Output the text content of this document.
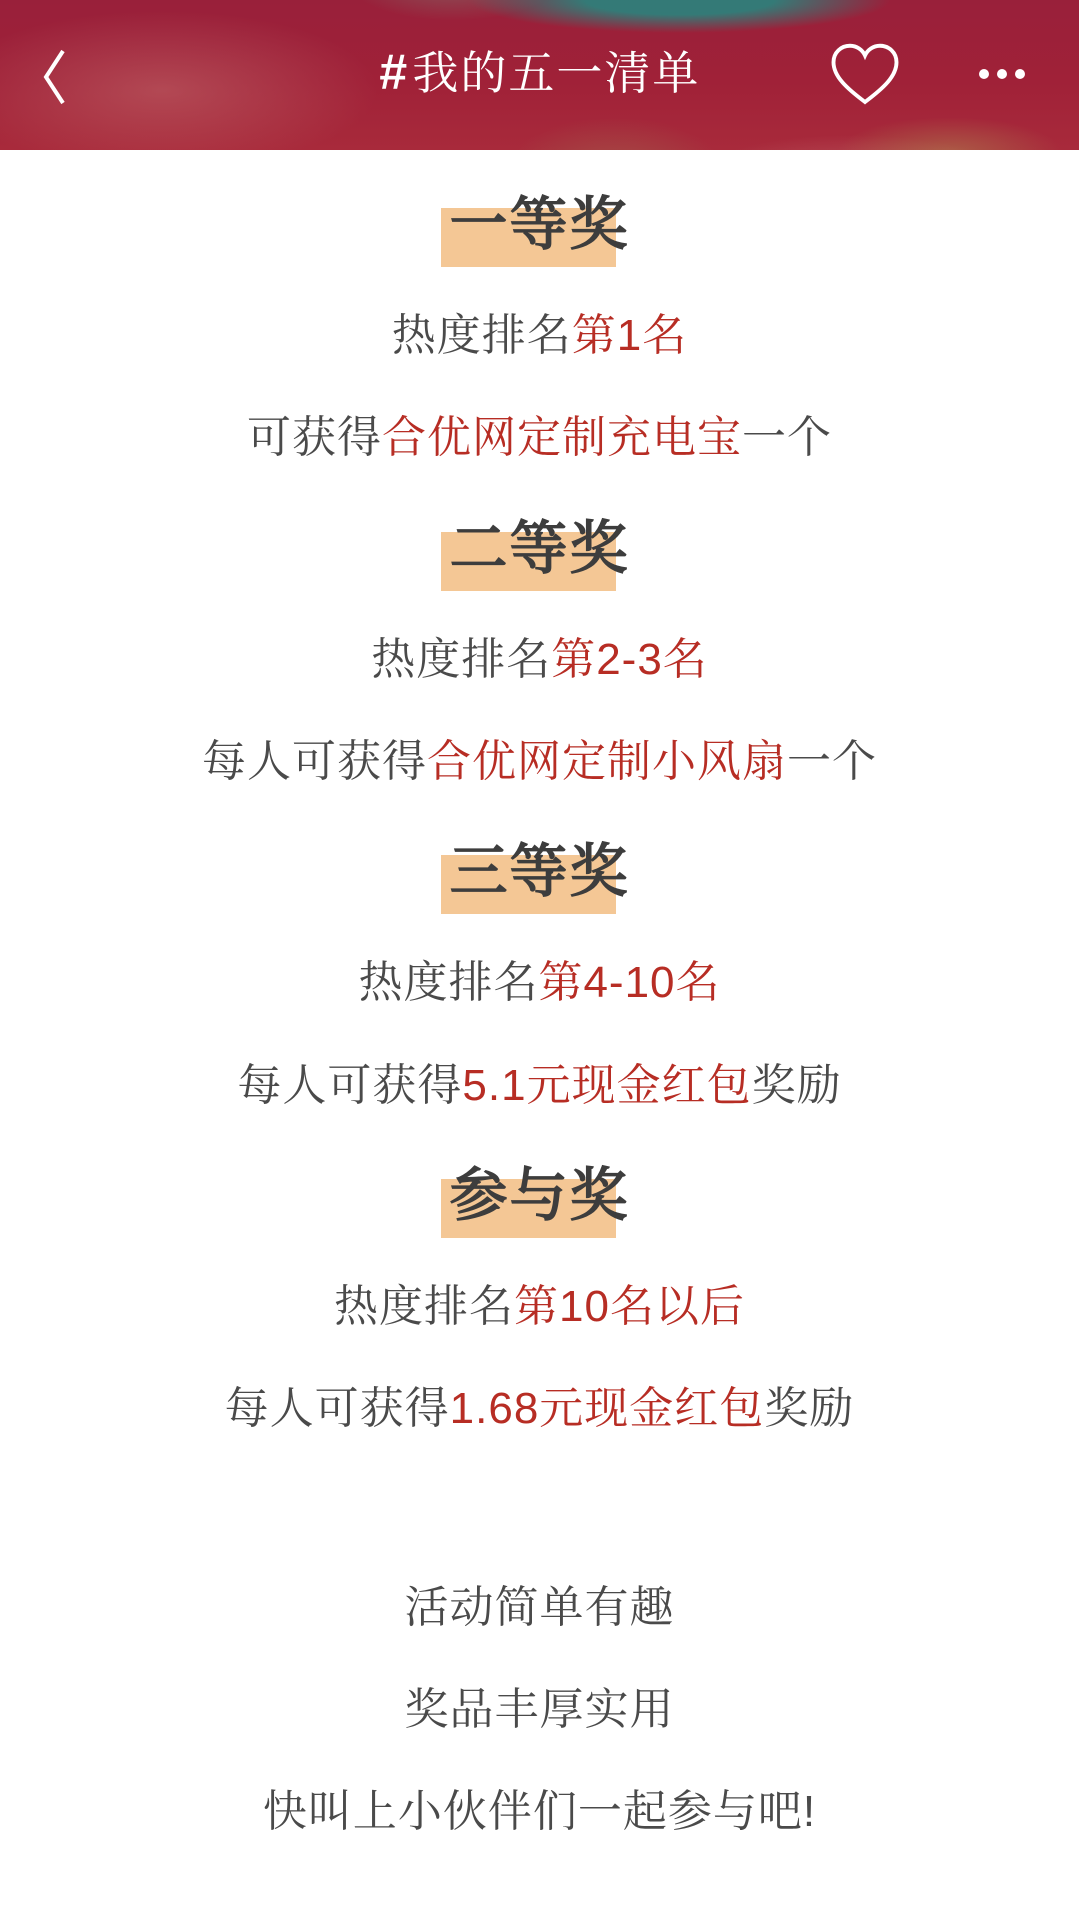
#我的五一清单
一等奖

热度排名第1名

可获得合优网定制充电宝一个

二等奖

热度排名第2-3名

每人可获得合优网定制小风扇一个

三等奖

热度排名第4-10名

每人可获得5.1元现金红包奖励

参与奖

热度排名第10名以后

每人可获得1.68元现金红包奖励

活动简单有趣

奖品丰厚实用

快叫上小伙伴们一起参与吧!
